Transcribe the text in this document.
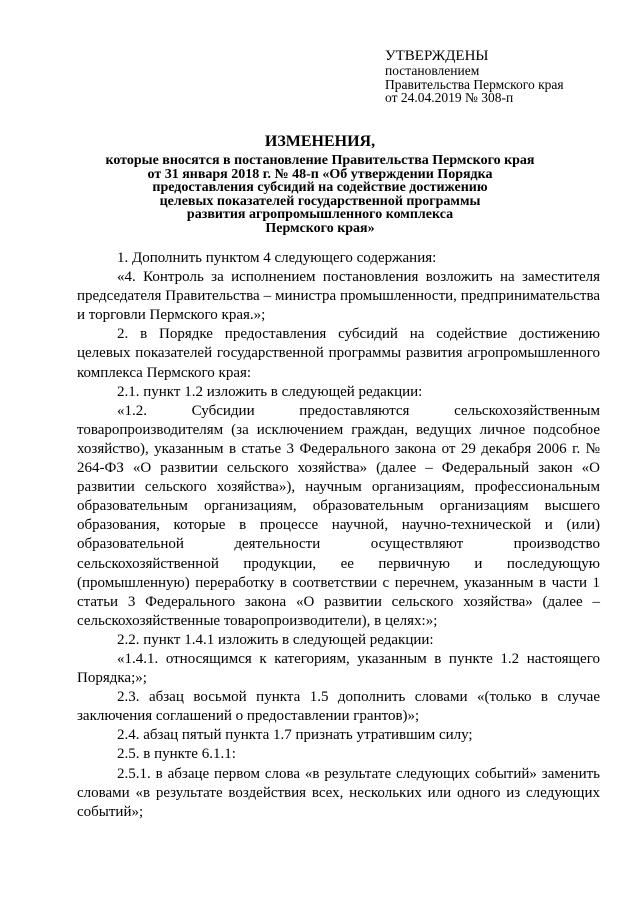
УТВЕРЖДЕНЫ
постановлением
Правительства Пермского края
от 24.04.2019 № 308-п
ИЗМЕНЕНИЯ,
которые вносятся в постановление Правительства Пермского края
от 31 января 2018 г. № 48-п «Об утверждении Порядка
предоставления субсидий на содействие достижению
целевых показателей государственной программы
развития агропромышленного комплекса
Пермского края»

1. Дополнить пунктом 4 следующего содержания:

«4. Контроль за исполнением постановления возложить на заместителя председателя Правительства – министра промышленности, предпринимательства и торговли Пермского края.»;

2. в Порядке предоставления субсидий на содействие достижению целевых показателей государственной программы развития агропромышленного комплекса Пермского края:

2.1. пункт 1.2 изложить в следующей редакции:

«1.2. Субсидии предоставляются сельскохозяйственным товаропроизводителям (за исключением граждан, ведущих личное подсобное хозяйство), указанным в статье 3 Федерального закона от 29 декабря 2006 г. № 264-ФЗ «О развитии сельского хозяйства» (далее – Федеральный закон «О развитии сельского хозяйства»), научным организациям, профессиональным образовательным организациям, образовательным организациям высшего образования, которые в процессе научной, научно-технической и (или) образовательной деятельности осуществляют производство сельскохозяйственной продукции, ее первичную и последующую (промышленную) переработку в соответствии с перечнем, указанным в части 1 статьи 3 Федерального закона «О развитии сельского хозяйства» (далее – сельскохозяйственные товаропроизводители), в целях:»;

2.2. пункт 1.4.1 изложить в следующей редакции:

«1.4.1. относящимся к категориям, указанным в пункте 1.2 настоящего Порядка;»;

2.3. абзац восьмой пункта 1.5 дополнить словами «(только в случае заключения соглашений о предоставлении грантов)»;

2.4. абзац пятый пункта 1.7 признать утратившим силу;

2.5. в пункте 6.1.1:

2.5.1. в абзаце первом слова «в результате следующих событий» заменить словами «в результате воздействия всех, нескольких или одного из следующих событий»;
